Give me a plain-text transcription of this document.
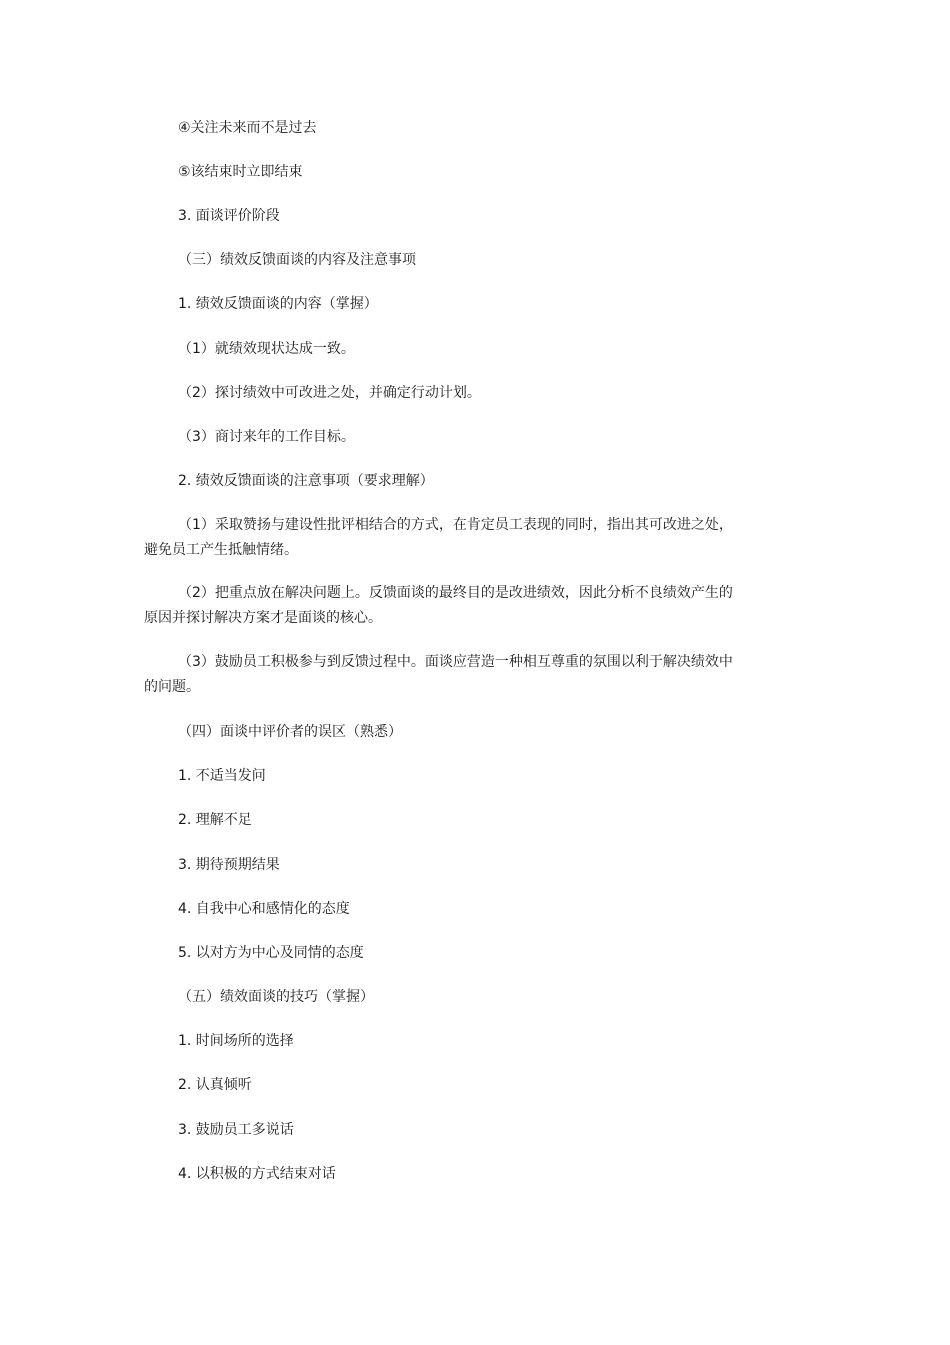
④关注未来而不是过去

⑤该结束时立即结束

3. 面谈评价阶段

（三）绩效反馈面谈的内容及注意事项

1. 绩效反馈面谈的内容（掌握）

（1）就绩效现状达成一致。

（2）探讨绩效中可改进之处，并确定行动计划。

（3）商讨来年的工作目标。

2. 绩效反馈面谈的注意事项（要求理解）

（1）采取赞扬与建设性批评相结合的方式，在肯定员工表现的同时，指出其可改进之处，避免员工产生抵触情绪。

（2）把重点放在解决问题上。反馈面谈的最终目的是改进绩效，因此分析不良绩效产生的原因并探讨解决方案才是面谈的核心。

（3）鼓励员工积极参与到反馈过程中。面谈应营造一种相互尊重的氛围以利于解决绩效中的问题。

（四）面谈中评价者的误区（熟悉）

1. 不适当发问

2. 理解不足

3. 期待预期结果

4. 自我中心和感情化的态度

5. 以对方为中心及同情的态度

（五）绩效面谈的技巧（掌握）

1. 时间场所的选择

2. 认真倾听

3. 鼓励员工多说话

4. 以积极的方式结束对话
